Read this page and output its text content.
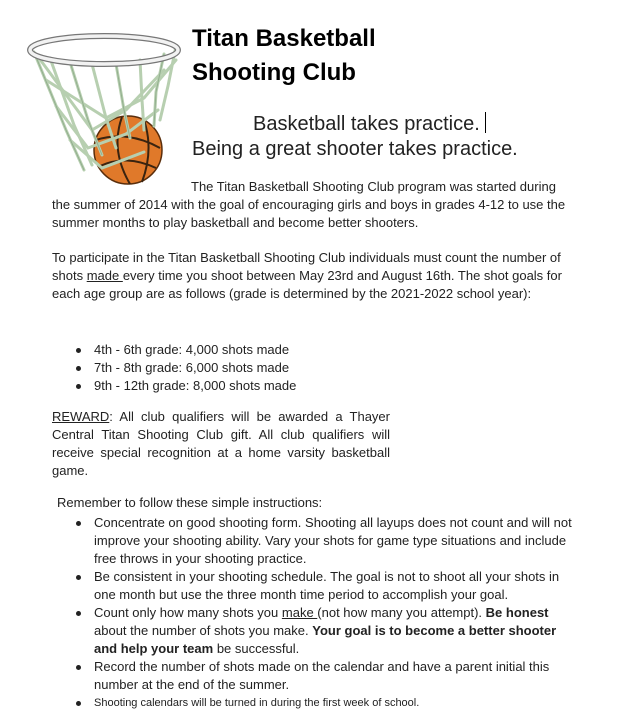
Titan Basketball
Shooting Club
Basketball takes practice.
Being a great shooter takes practice.

The Titan Basketball Shooting Club program was started during the summer of 2014 with the goal of encouraging girls and boys in grades 4-12 to use the summer months to play basketball and become better shooters.

To participate in the Titan Basketball Shooting Club individuals must count the number of shots made every time you shoot between May 23rd and August 16th. The shot goals for each age group are as follows (grade is determined by the 2021-2022 school year):

4th - 6th grade: 4,000 shots made
7th - 8th grade: 6,000 shots made
9th - 12th grade: 8,000 shots made

REWARD: All club qualifiers will be awarded a Thayer Central Titan Shooting Club gift. All club qualifiers will receive special recognition at a home varsity basketball game.

Remember to follow these simple instructions:

Concentrate on good shooting form. Shooting all layups does not count and will not improve your shooting ability. Vary your shots for game type situations and include free throws in your shooting practice.
Be consistent in your shooting schedule. The goal is not to shoot all your shots in one month but use the three month time period to accomplish your goal.
Count only how many shots you make (not how many you attempt). Be honest about the number of shots you make. Your goal is to become a better shooter and help your team be successful.
Record the number of shots made on the calendar and have a parent initial this number at the end of the summer.
Shooting calendars will be turned in during the first week of school.
